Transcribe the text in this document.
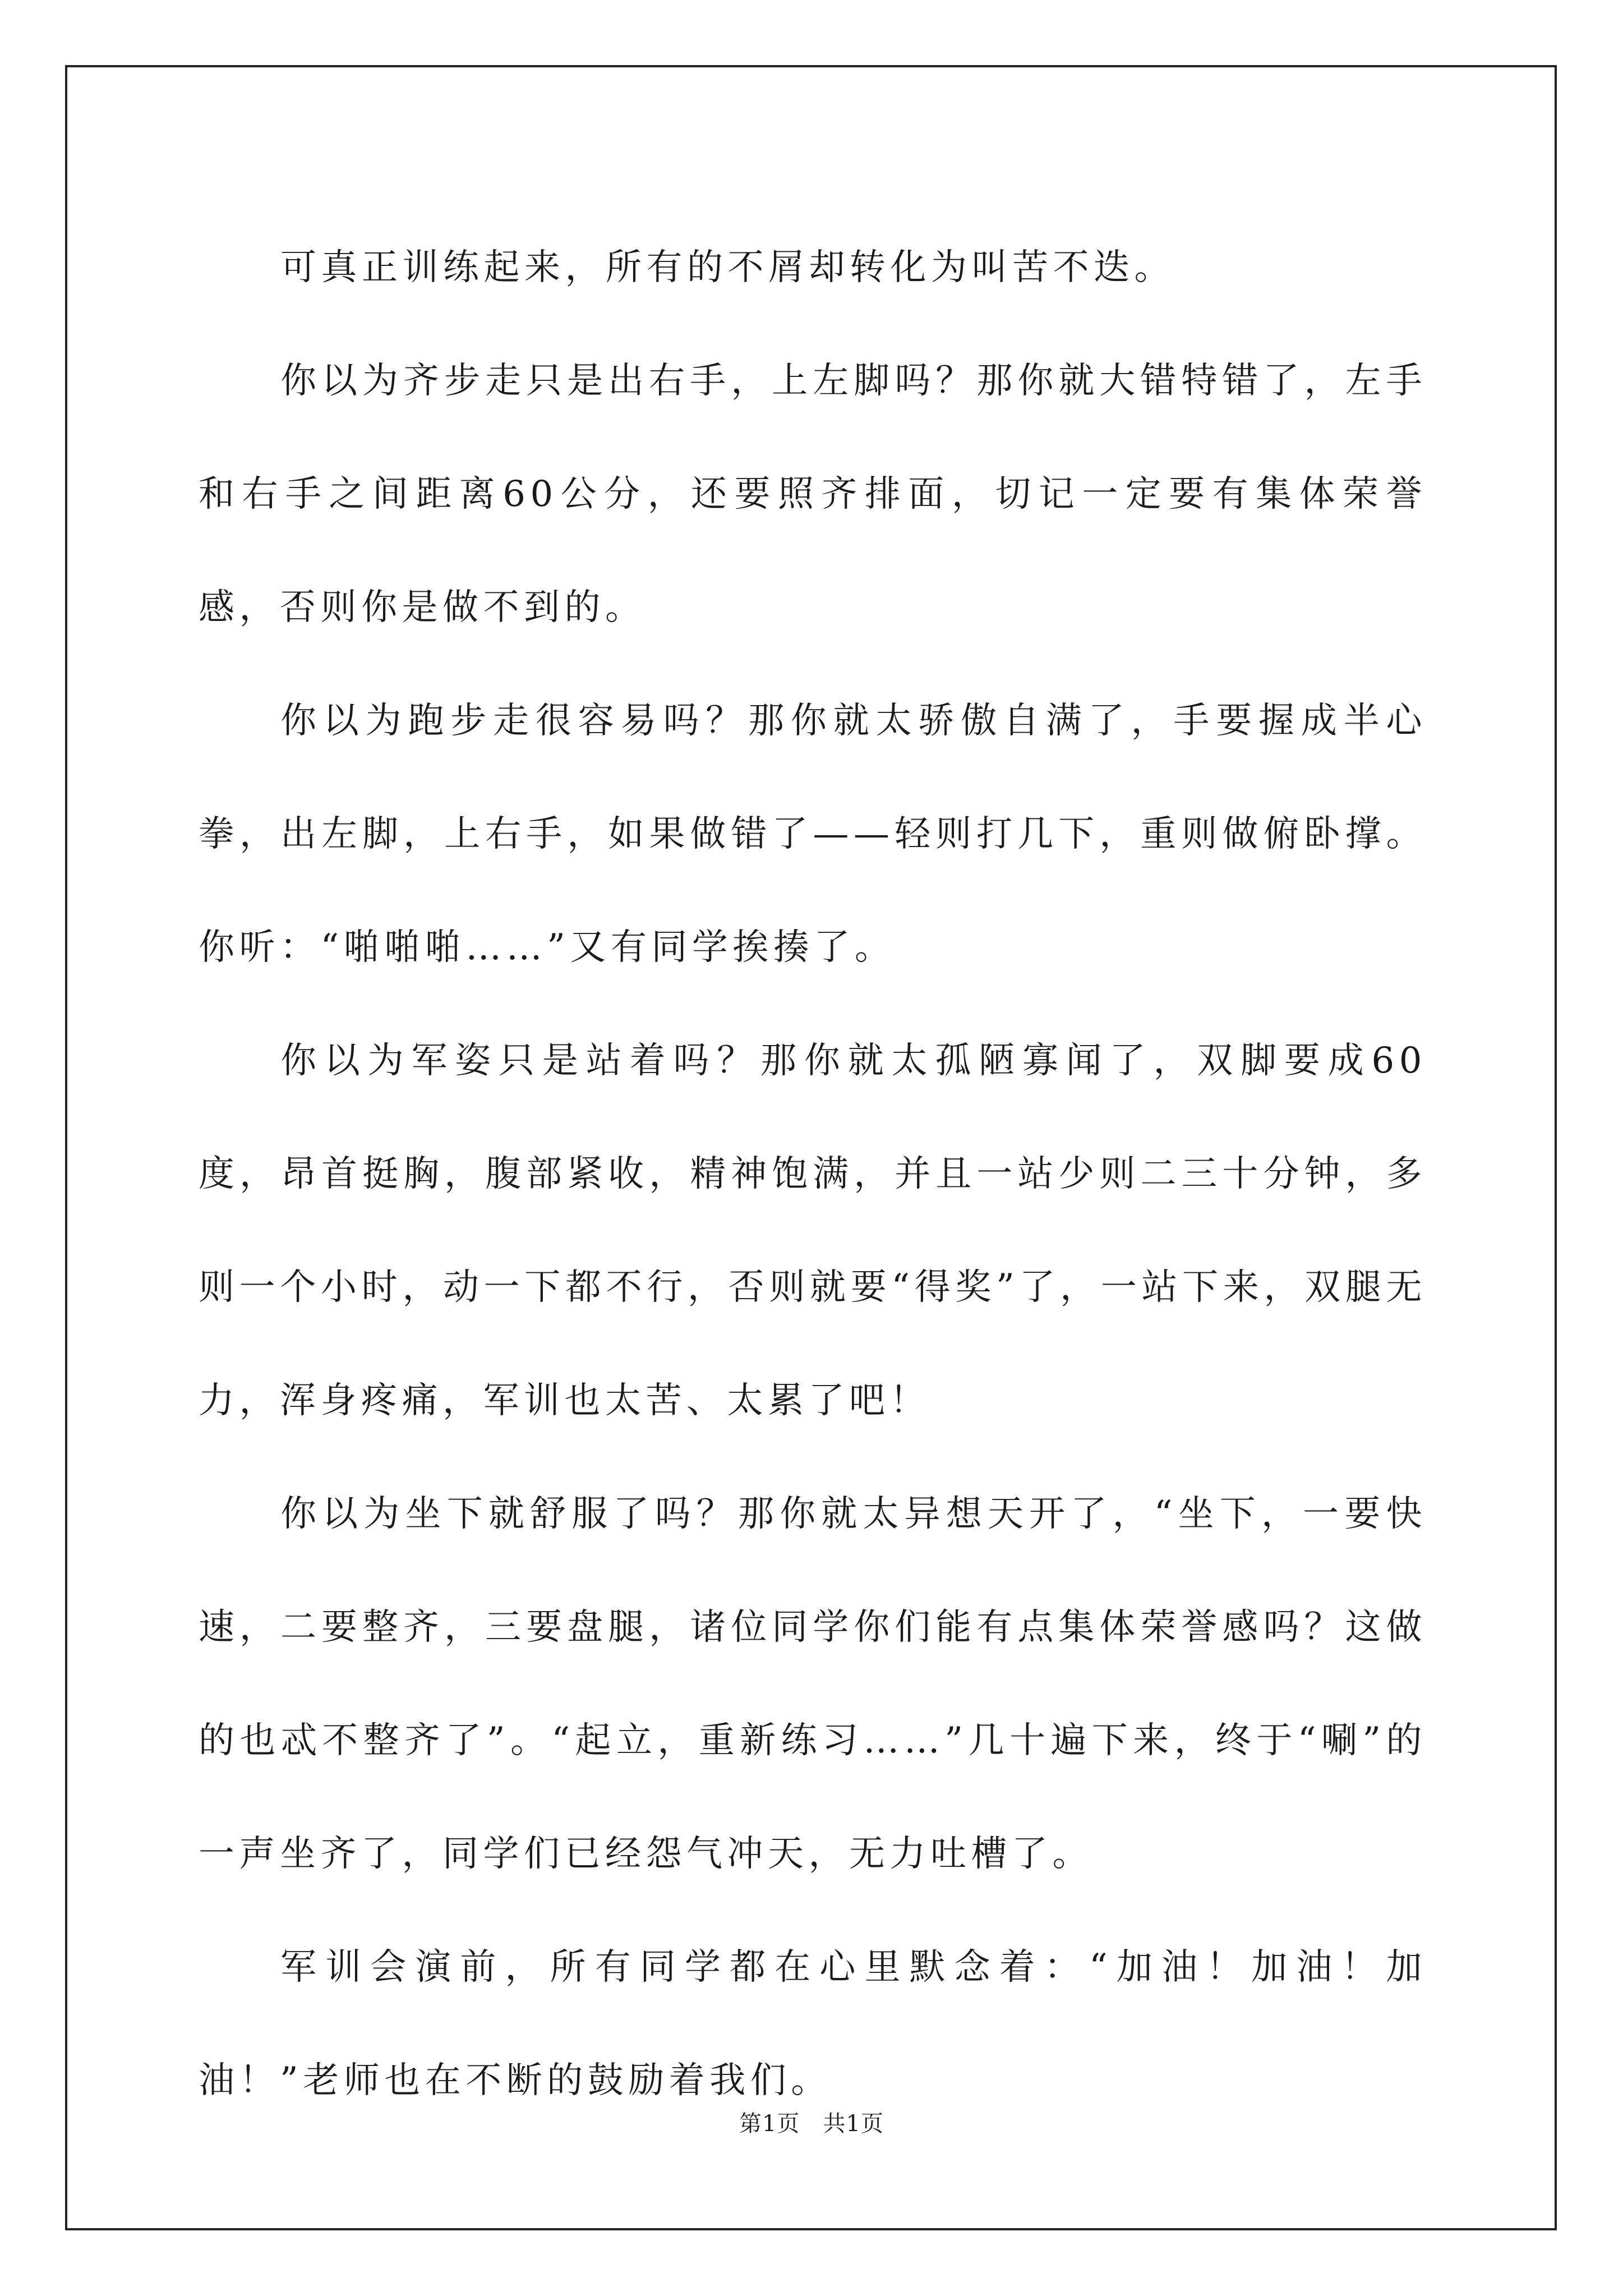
可真正训练起来，所有的不屑却转化为叫苦不迭。

你以为齐步走只是出右手，上左脚吗？那你就大错特错了，左手和右手之间距离60公分，还要照齐排面，切记一定要有集体荣誉感，否则你是做不到的。

你以为跑步走很容易吗？那你就太骄傲自满了，手要握成半心拳，出左脚，上右手，如果做错了——轻则打几下，重则做俯卧撑。你听：“啪啪啪……”又有同学挨揍了。

你以为军姿只是站着吗？那你就太孤陋寡闻了，双脚要成60度，昂首挺胸，腹部紧收，精神饱满，并且一站少则二三十分钟，多则一个小时，动一下都不行，否则就要“得奖”了，一站下来，双腿无力，浑身疼痛，军训也太苦、太累了吧！

你以为坐下就舒服了吗？那你就太异想天开了，“坐下，一要快速，二要整齐，三要盘腿，诸位同学你们能有点集体荣誉感吗？这做的也忒不整齐了”。“起立，重新练习……”几十遍下来，终于“唰”的一声坐齐了，同学们已经怨气冲天，无力吐槽了。

军训会演前，所有同学都在心里默念着：“加油！加油！加油！”老师也在不断的鼓励着我们。

第1页　共1页
